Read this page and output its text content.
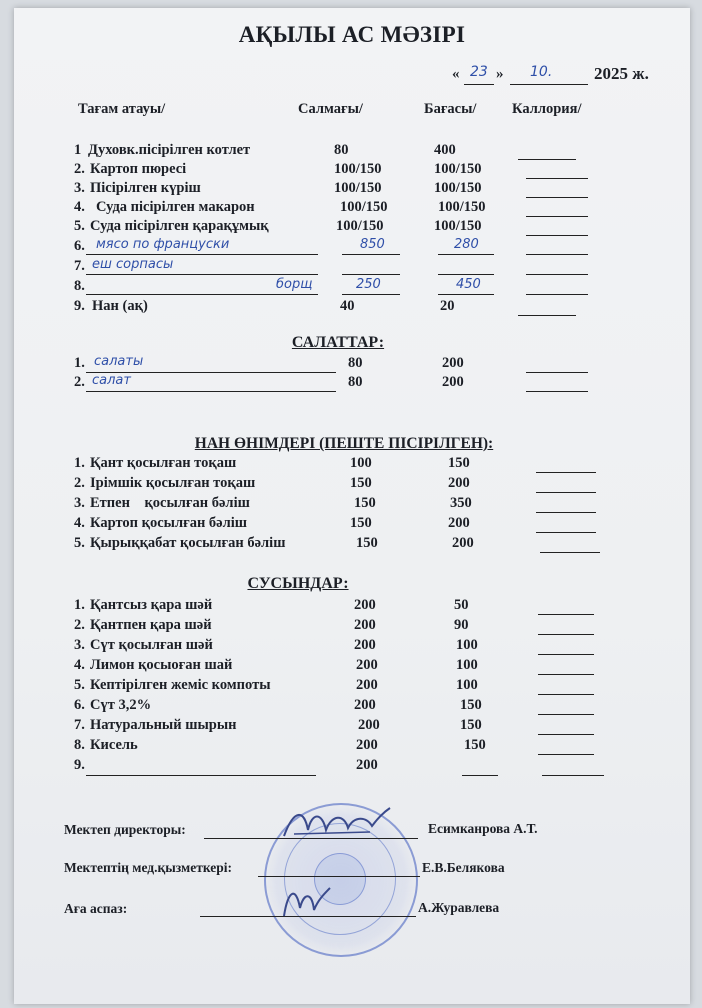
АҚЫЛЫ АС МӘЗІРІ
« 23 » 10. 2025 ж.
Тағам атауы/	Салмағы/	Бағасы/ Каллория/
1 Духовк.пісірілген котлет	80	400
2. Картоп пюресі	100/150	100/150
3. Пісірілген күріш	100/150	100/150
4. Суда пісірілген макарон	100/150	100/150
5. Суда пісірілген қарақұмық	100/150	100/150
6. мясо по француски	850	280
7. еш сорпасы
8.	борщ	250	450
9. Нан (ақ)	40	20
САЛАТТАР:
1. салаты	80	200
2. салат	80	200
НАН ӨНІМДЕРІ (ПЕШТЕ ПІСІРІЛГЕН):
1. Қант қосылған тоқаш	100	150
2. Ірімшік қосылған тоқаш	150	200
3. Етпен    қосылған бәліш	150	350
4. Картоп қосылған бәліш	150	200
5. Қырыққабат қосылған бәліш	150	200
СУСЫНДАР:
1. Қантсыз қара шәй	200	50
2. Қантпен қара шәй	200	90
3. Сүт қосылған шәй	200	100
4. Лимон қосыоған шай	200	100
5. Кептірілген жеміс компоты	200	100
6. Сүт 3,2%	200	150
7. Натуральный шырын	200	150
8. Кисель	200	150
9.	200
Мектеп директоры:	Есимканрова А.Т.
Мектептің мед.қызметкері:	Е.В.Белякова
Аға аспаз:	А.Журавлева
